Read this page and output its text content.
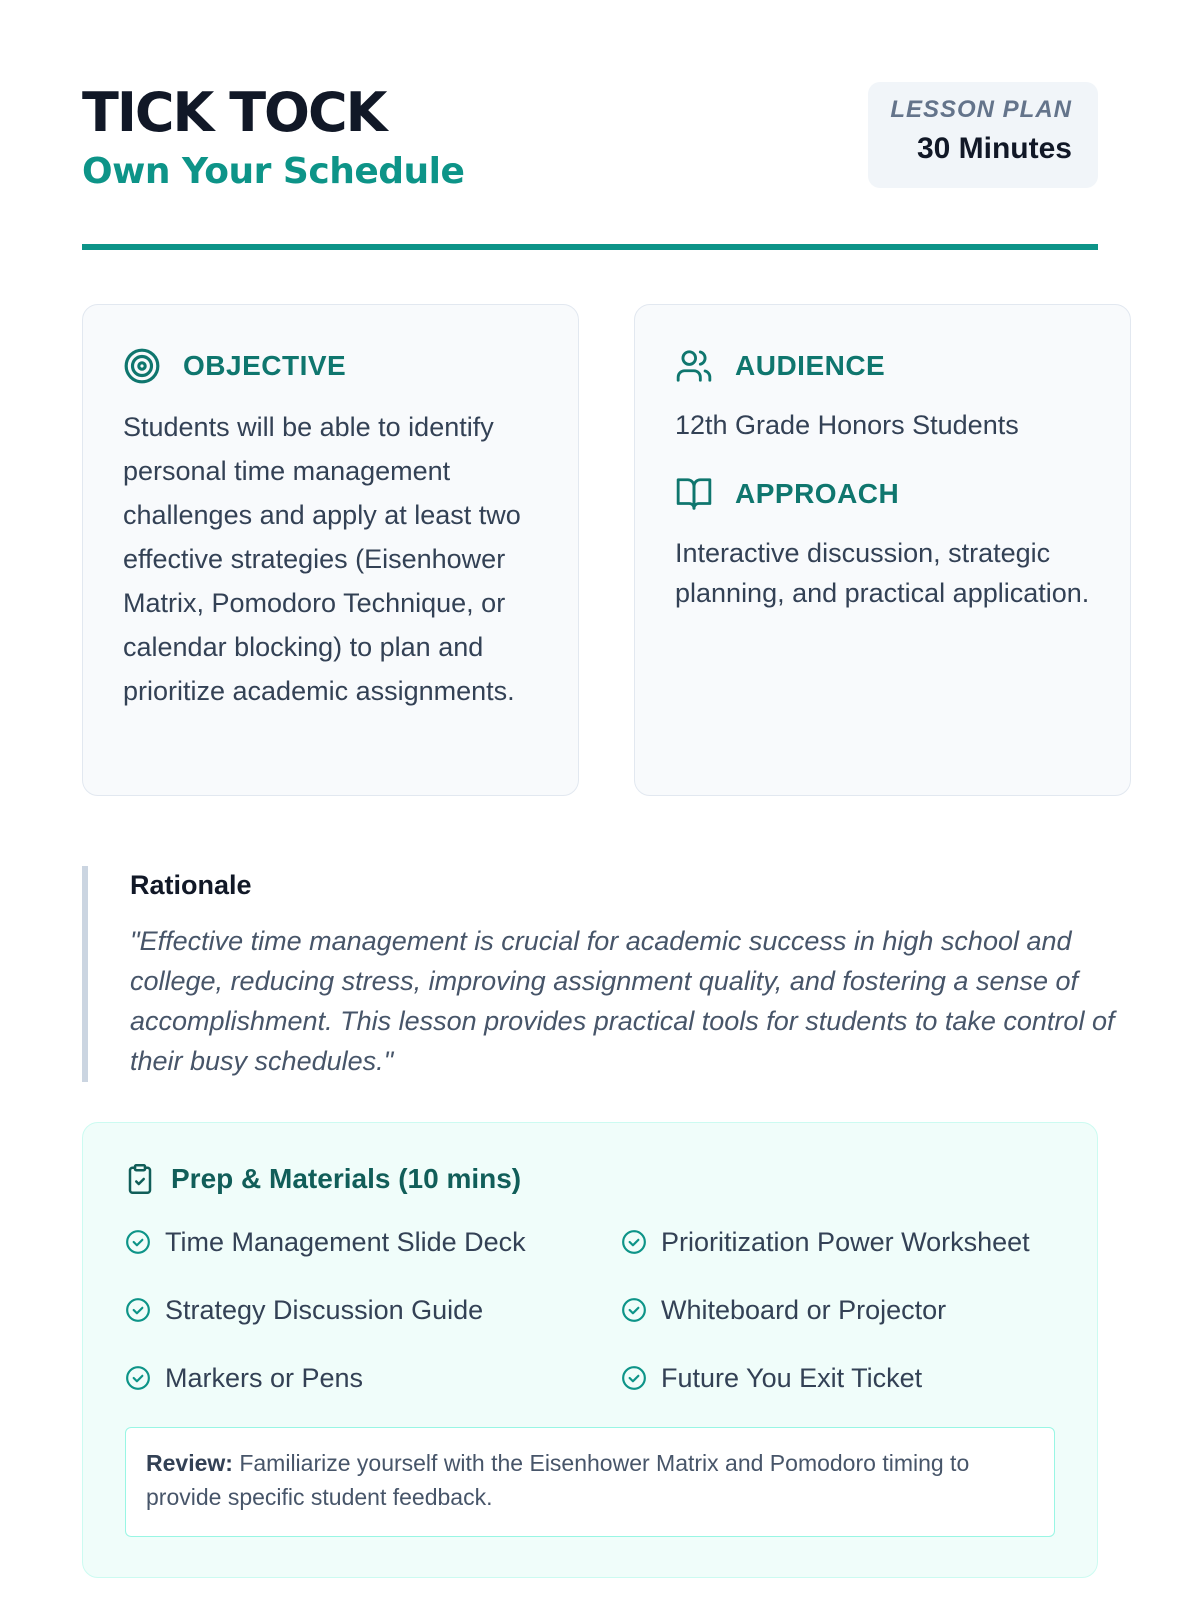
TICK TOCK
Own Your Schedule
LESSON PLAN
30 Minutes
OBJECTIVE

Students will be able to identify personal time management challenges and apply at least two effective strategies (Eisenhower Matrix, Pomodoro Technique, or calendar blocking) to plan and prioritize academic assignments.

AUDIENCE

12th Grade Honors Students

APPROACH

Interactive discussion, strategic planning, and practical application.

Rationale

"Effective time management is crucial for academic success in high school and college, reducing stress, improving assignment quality, and fostering a sense of accomplishment. This lesson provides practical tools for students to take control of their busy schedules."

Prep & Materials (10 mins)
Time Management Slide Deck	Prioritization Power Worksheet
Strategy Discussion Guide	Whiteboard or Projector
Markers or Pens	Future You Exit Ticket
Review: Familiarize yourself with the Eisenhower Matrix and Pomodoro timing to provide specific student feedback.
